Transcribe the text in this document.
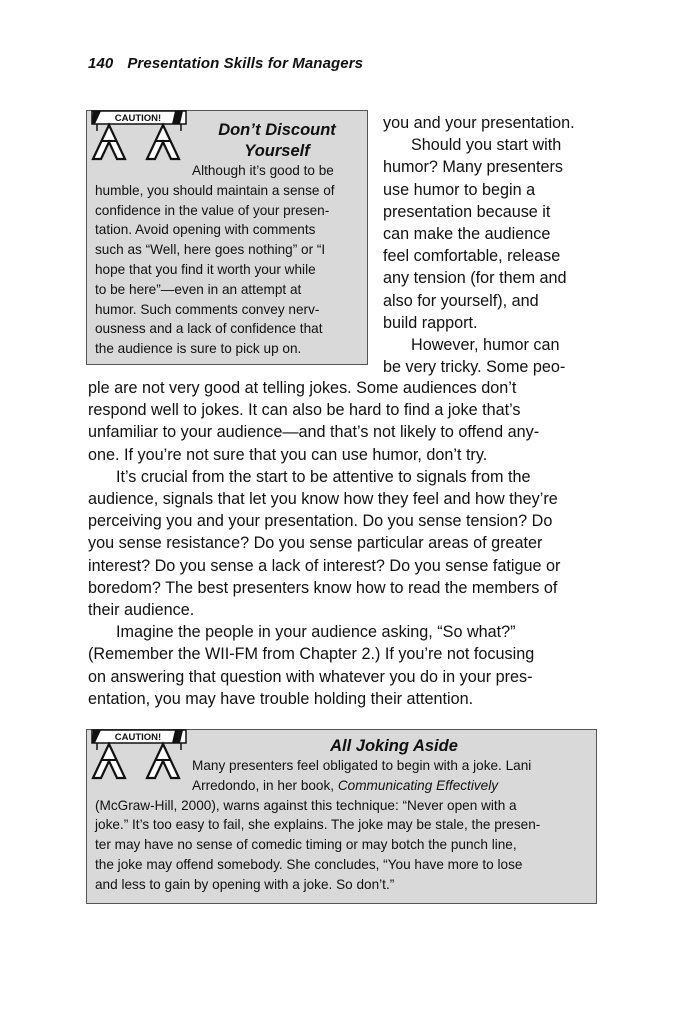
140 Presentation Skills for Managers
CAUTION!
Don’t Discount
Yourself
Although it’s good to be
humble, you should maintain a sense of
confidence in the value of your presen-
tation. Avoid opening with comments
such as “Well, here goes nothing” or “I
hope that you find it worth your while
to be here”—even in an attempt at
humor. Such comments convey nerv-
ousness and a lack of confidence that
the audience is sure to pick up on.
you and your presentation.
Should you start with
humor? Many presenters
use humor to begin a
presentation because it
can make the audience
feel comfortable, release
any tension (for them and
also for yourself), and
build rapport.
However, humor can
be very tricky. Some peo-
ple are not very good at telling jokes. Some audiences don’t
respond well to jokes. It can also be hard to find a joke that’s
unfamiliar to your audience—and that’s not likely to offend any-
one. If you’re not sure that you can use humor, don’t try.
It’s crucial from the start to be attentive to signals from the
audience, signals that let you know how they feel and how they’re
perceiving you and your presentation. Do you sense tension? Do
you sense resistance? Do you sense particular areas of greater
interest? Do you sense a lack of interest? Do you sense fatigue or
boredom? The best presenters know how to read the members of
their audience.
Imagine the people in your audience asking, “So what?”
(Remember the WII-FM from Chapter 2.) If you’re not focusing
on answering that question with whatever you do in your pres-
entation, you may have trouble holding their attention.
CAUTION!	All Joking Aside
Many presenters feel obligated to begin with a joke. Lani
Arredondo, in her book, Communicating Effectively
(McGraw-Hill, 2000), warns against this technique: “Never open with a
joke.” It’s too easy to fail, she explains. The joke may be stale, the presen-
ter may have no sense of comedic timing or may botch the punch line,
the joke may offend somebody. She concludes, “You have more to lose
and less to gain by opening with a joke. So don’t.”
